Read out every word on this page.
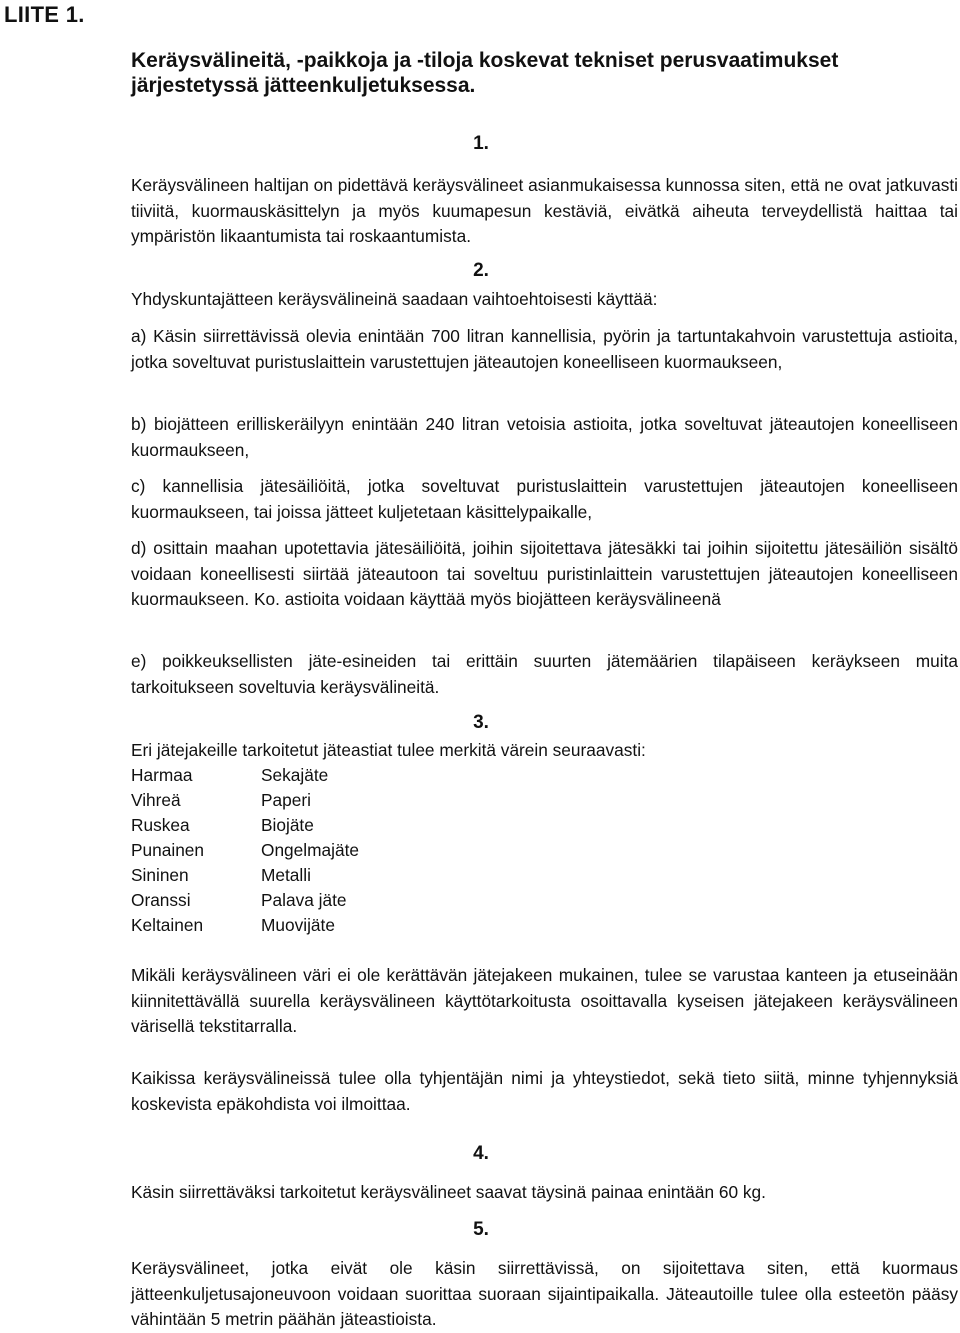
LIITE 1.
Keräysvälineitä, -paikkoja ja -tiloja koskevat tekniset perusvaatimukset järjestetyssä jätteenkuljetuksessa.
1.

Keräysvälineen haltijan on pidettävä keräysvälineet asianmukaisessa kunnossa siten, että ne ovat jatkuvasti tiiviitä, kuormauskäsittelyn ja myös kuumapesun kestäviä, eivätkä aiheuta terveydellistä haittaa tai ympäristön likaantumista tai roskaantumista.

2.

Yhdyskuntajätteen keräysvälineinä saadaan vaihtoehtoisesti käyttää:

a) Käsin siirrettävissä olevia enintään 700 litran kannellisia, pyörin ja tartuntakahvoin varustettuja astioita, jotka soveltuvat puristuslaittein varustettujen jäteautojen koneelliseen kuormaukseen,

b) biojätteen erilliskeräilyyn enintään 240 litran vetoisia astioita, jotka soveltuvat jäteautojen koneelliseen kuormaukseen,

c) kannellisia jätesäiliöitä, jotka soveltuvat puristuslaittein varustettujen jäteautojen koneelliseen kuormaukseen, tai joissa jätteet kuljetetaan käsittelypaikalle,

d) osittain maahan upotettavia jätesäiliöitä, joihin sijoitettava jätesäkki tai joihin sijoitettu jätesäiliön sisältö voidaan koneellisesti siirtää jäteautoon tai soveltuu puristinlaittein varustettujen jäteautojen koneelliseen kuormaukseen. Ko. astioita voidaan käyttää myös biojätteen keräysvälineenä

e) poikkeuksellisten jäte-esineiden tai erittäin suurten jätemäärien tilapäiseen keräykseen muita tarkoitukseen soveltuvia keräysvälineitä.

3.

Eri jätejakeille tarkoitetut jäteastiat tulee merkitä värein seuraavasti:

Harmaa	Sekajäte
Vihreä	Paperi
Ruskea	Biojäte
Punainen	Ongelmajäte
Sininen	Metalli
Oranssi	Palava jäte
Keltainen	Muovijäte

Mikäli keräysvälineen väri ei ole kerättävän jätejakeen mukainen, tulee se varustaa kanteen ja etuseinään kiinnitettävällä suurella keräysvälineen käyttötarkoitusta osoittavalla kyseisen jätejakeen keräysvälineen värisellä tekstitarralla.

Kaikissa keräysvälineissä tulee olla tyhjentäjän nimi ja yhteystiedot, sekä tieto siitä, minne tyhjennyksiä koskevista epäkohdista voi ilmoittaa.

4.

Käsin siirrettäväksi tarkoitetut keräysvälineet saavat täysinä painaa enintään 60 kg.

5.

Keräysvälineet, jotka eivät ole käsin siirrettävissä, on sijoitettava siten, että kuormaus jätteenkuljetusajoneuvoon voidaan suorittaa suoraan sijaintipaikalla. Jäteautoille tulee olla esteetön pääsy vähintään 5 metrin päähän jäteastioista.
